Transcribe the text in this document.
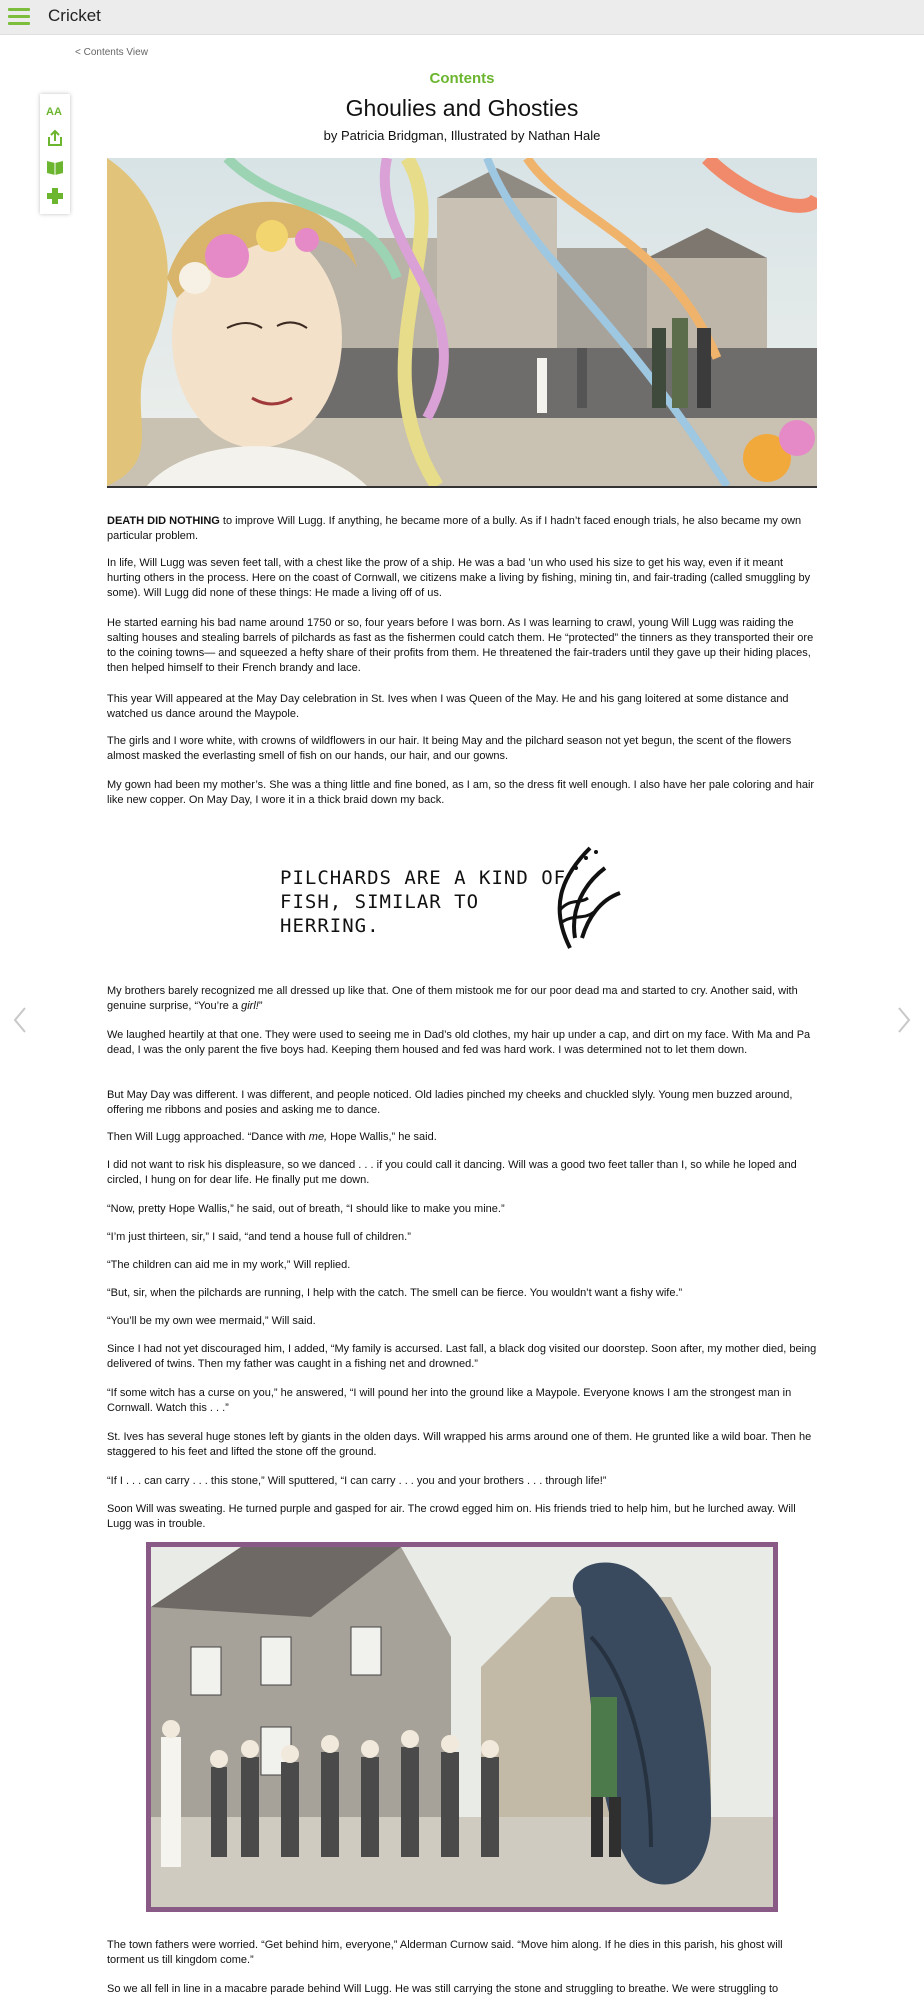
Cricket
< Contents View
AA
Contents
Ghoulies and Ghosties
by Patricia Bridgman, Illustrated by Nathan Hale

DEATH DID NOTHING to improve Will Lugg. If anything, he became more of a bully. As if I hadn’t faced enough trials, he also became my own particular problem.

In life, Will Lugg was seven feet tall, with a chest like the prow of a ship. He was a bad ’un who used his size to get his way, even if it meant hurting others in the process. Here on the coast of Cornwall, we citizens make a living by fishing, mining tin, and fair-trading (called smuggling by some). Will Lugg did none of these things: He made a living off of us.

He started earning his bad name around 1750 or so, four years before I was born. As I was learning to crawl, young Will Lugg was raiding the salting houses and stealing barrels of pilchards as fast as the fishermen could catch them. He “protected” the tinners as they transported their ore to the coining towns— and squeezed a hefty share of their profits from them. He threatened the fair-traders until they gave up their hiding places, then helped himself to their French brandy and lace.

This year Will appeared at the May Day celebration in St. Ives when I was Queen of the May. He and his gang loitered at some distance and watched us dance around the Maypole.

The girls and I wore white, with crowns of wildflowers in our hair. It being May and the pilchard season not yet begun, the scent of the flowers almost masked the everlasting smell of fish on our hands, our hair, and our gowns.

My gown had been my mother’s. She was a thing little and fine boned, as I am, so the dress fit well enough. I also have her pale coloring and hair like new copper. On May Day, I wore it in a thick braid down my back.

PILCHARDS ARE A KIND OF FISH, SIMILAR TO HERRING.

My brothers barely recognized me all dressed up like that. One of them mistook me for our poor dead ma and started to cry. Another said, with genuine surprise, “You’re a girl!”

We laughed heartily at that one. They were used to seeing me in Dad’s old clothes, my hair up under a cap, and dirt on my face. With Ma and Pa dead, I was the only parent the five boys had. Keeping them housed and fed was hard work. I was determined not to let them down.

But May Day was different. I was different, and people noticed. Old ladies pinched my cheeks and chuckled slyly. Young men buzzed around, offering me ribbons and posies and asking me to dance.

Then Will Lugg approached. “Dance with me, Hope Wallis,” he said.

I did not want to risk his displeasure, so we danced . . . if you could call it dancing. Will was a good two feet taller than I, so while he loped and circled, I hung on for dear life. He finally put me down.

“Now, pretty Hope Wallis,” he said, out of breath, “I should like to make you mine.”

“I’m just thirteen, sir,” I said, “and tend a house full of children.”

“The children can aid me in my work,” Will replied.

“But, sir, when the pilchards are running, I help with the catch. The smell can be fierce. You wouldn’t want a fishy wife.”

“You’ll be my own wee mermaid,” Will said.

Since I had not yet discouraged him, I added, “My family is accursed. Last fall, a black dog visited our doorstep. Soon after, my mother died, being delivered of twins. Then my father was caught in a fishing net and drowned.”

“If some witch has a curse on you,” he answered, “I will pound her into the ground like a Maypole. Everyone knows I am the strongest man in Cornwall. Watch this . . .”

St. Ives has several huge stones left by giants in the olden days. Will wrapped his arms around one of them. He grunted like a wild boar. Then he staggered to his feet and lifted the stone off the ground.

“If I . . . can carry . . . this stone,” Will sputtered, “I can carry . . . you and your brothers . . . through life!”

Soon Will was sweating. He turned purple and gasped for air. The crowd egged him on. His friends tried to help him, but he lurched away. Will Lugg was in trouble.

The town fathers were worried. “Get behind him, everyone,” Alderman Curnow said. “Move him along. If he dies in this parish, his ghost will torment us till kingdom come.”

So we all fell in line in a macabre parade behind Will Lugg. He was still carrying the stone and struggling to breathe. We were struggling to
